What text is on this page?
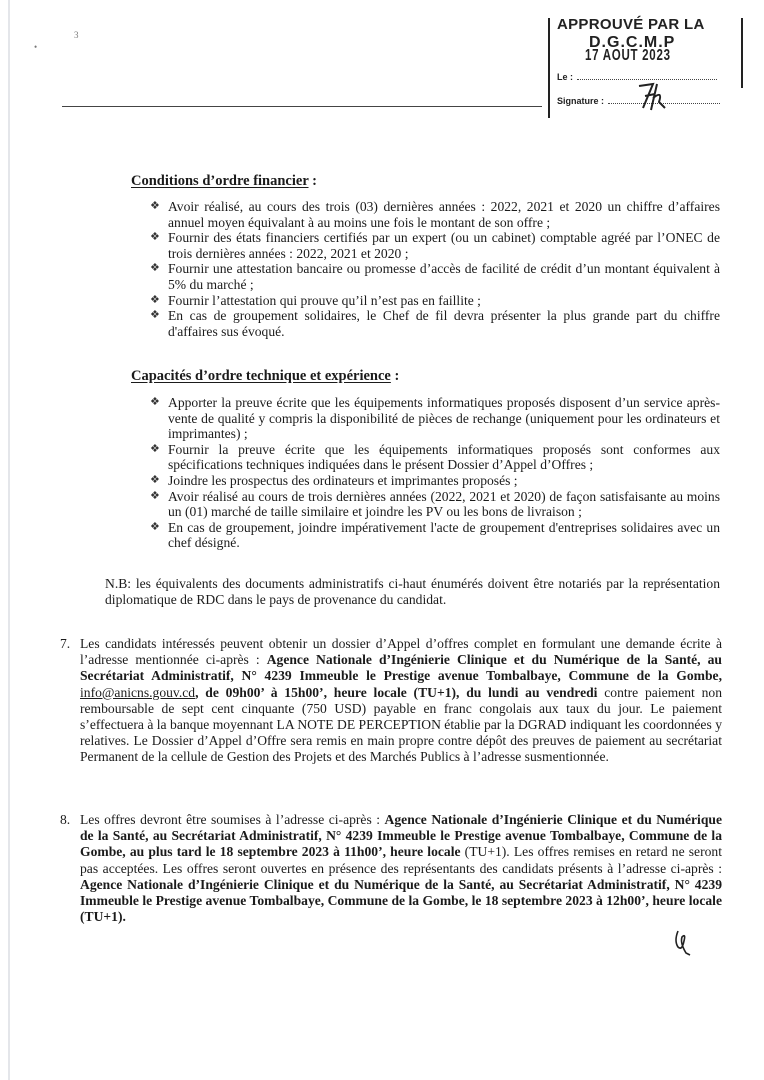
•
3
APPROUVÉ PAR LA
D.G.C.M.P
17 AOUT 2023
Le :
Signature :
Conditions d’ordre financier :
❖ Avoir réalisé, au cours des trois (03) dernières années : 2022, 2021 et 2020 un chiffre d’affaires annuel moyen équivalant à au moins une fois le montant de son offre ;
❖ Fournir des états financiers certifiés par un expert (ou un cabinet) comptable agréé par l’ONEC de trois dernières années : 2022, 2021 et 2020 ;
❖ Fournir une attestation bancaire ou promesse d’accès de facilité de crédit d’un montant équivalent à 5% du marché ;
❖ Fournir l’attestation qui prouve qu’il n’est pas en faillite ;
❖ En cas de groupement solidaires, le Chef de fil devra présenter la plus grande part du chiffre d'affaires sus évoqué.
Capacités d’ordre technique et expérience :
❖ Apporter la preuve écrite que les équipements informatiques proposés disposent d’un service après- vente de qualité y compris la disponibilité de pièces de rechange (uniquement pour les ordinateurs et imprimantes) ;
❖ Fournir la preuve écrite que les équipements informatiques proposés sont conformes aux spécifications techniques indiquées dans le présent Dossier d’Appel d’Offres ;
❖ Joindre les prospectus des ordinateurs et imprimantes proposés ;
❖ Avoir réalisé au cours de trois dernières années (2022, 2021 et 2020) de façon satisfaisante au moins un (01) marché de taille similaire et joindre les PV ou les bons de livraison ;
❖ En cas de groupement, joindre impérativement l'acte de groupement d'entreprises solidaires avec un chef désigné.
N.B: les équivalents des documents administratifs ci-haut énumérés doivent être notariés par la représentation diplomatique de RDC dans le pays de provenance du candidat.
7. Les candidats intéressés peuvent obtenir un dossier d’Appel d’offres complet en formulant une demande écrite à l’adresse mentionnée ci-après : Agence Nationale d’Ingénierie Clinique et du Numérique de la Santé, au Secrétariat Administratif, N° 4239 Immeuble le Prestige avenue Tombalbaye, Commune de la Gombe, info@anicns.gouv.cd, de 09h00’ à 15h00’, heure locale (TU+1), du lundi au vendredi contre paiement non remboursable de sept cent cinquante (750 USD) payable en franc congolais aux taux du jour. Le paiement s’effectuera à la banque moyennant LA NOTE DE PERCEPTION établie par la DGRAD indiquant les coordonnées y relatives. Le Dossier d’Appel d’Offre sera remis en main propre contre dépôt des preuves de paiement au secrétariat Permanent de la cellule de Gestion des Projets et des Marchés Publics à l’adresse susmentionnée.
8. Les offres devront être soumises à l’adresse ci-après : Agence Nationale d’Ingénierie Clinique et du Numérique de la Santé, au Secrétariat Administratif, N° 4239 Immeuble le Prestige avenue Tombalbaye, Commune de la Gombe, au plus tard le 18 septembre 2023 à 11h00’, heure locale (TU+1). Les offres remises en retard ne seront pas acceptées. Les offres seront ouvertes en présence des représentants des candidats présents à l’adresse ci-après : Agence Nationale d’Ingénierie Clinique et du Numérique de la Santé, au Secrétariat Administratif, N° 4239 Immeuble le Prestige avenue Tombalbaye, Commune de la Gombe, le 18 septembre 2023 à 12h00’, heure locale (TU+1).
